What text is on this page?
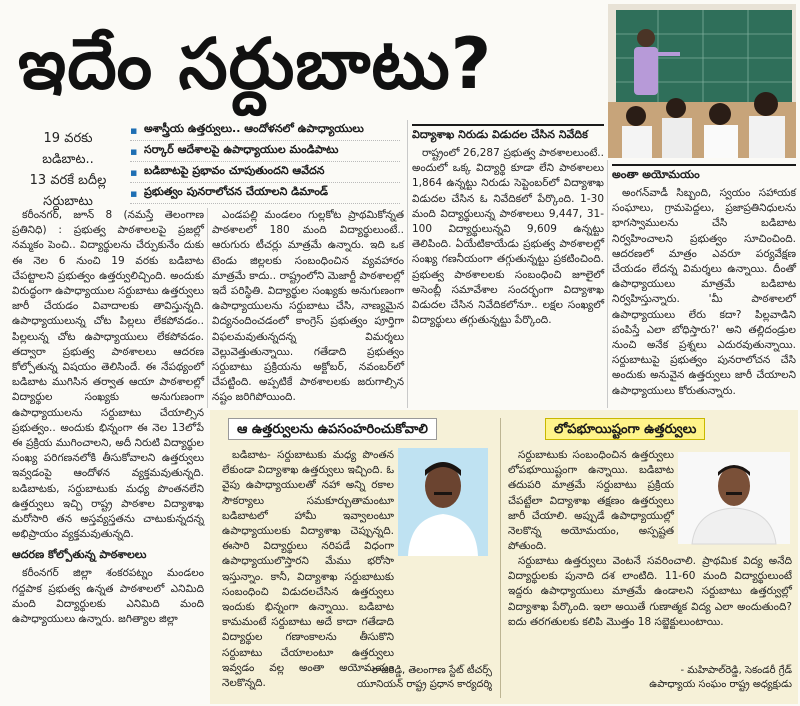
ఇదేం సర్దుబాటు?
19 వరకు
బడిబాట..
13 వరకే బదీల్ల
సర్దుబాటు
▪ అశాస్త్రీయ ఉత్తర్వులు.. ఆందోళనలో ఉపాధ్యాయులు
▪ సర్కార్ ఆదేశాలపై ఉపాధ్యాయుల మండిపాటు
▪ బడిబాటపై ప్రభావం చూపుతుందని ఆవేదన
▪ ప్రభుత్వం పునరాలోచన చేయాలని డిమాండ్

కరీంనగర్, జూన్ 8 (నమస్తే తెలంగాణ ప్రతినిధి) : ప్రభుత్వ పాఠశాలలపై ప్రజల్లో నమ్మకం పెంచి.. విద్యార్థులను చేర్పుకునేం దుకు ఈ నెల 6 నుంచి 19 వరకు బడిబాట చేపట్టాలని ప్రభుత్వం ఉత్తర్వులిచ్చింది. అందుకు విరుద్ధంగా ఉపాధ్యాయుల సర్దుబాటు ఉత్తర్వులు జారీ చేయడం వివాదాలకు తావిస్తున్నది. ఉపాధ్యాయులున్న చోట పిల్లలు లేకపోవడం.. పిల్లలున్న చోట ఉపాధ్యాయులు లేకపోవడం. తద్వారా ప్రభుత్వ పాఠశాలలు ఆదరణ కోల్పోతున్న విషయం తెలిసిందే. ఈ నేపథ్యంలో బడిబాట ముగిసిన తర్వాత ఆయా పాఠశాలల్లో విద్యార్థుల సంఖ్యకు అనుగుణంగా ఉపాధ్యాయులను సర్దుబాటు చేయాల్సిన ప్రభుత్వం.. అందుకు భిన్నంగా ఈ నెల 13లోపే ఈ ప్రక్రియ ముగించాలని, అదీ నిరుటి విద్యార్థుల సంఖ్య పరిగణనలోకి తీసుకోవాలని ఉత్తర్వులు ఇవ్వడంపై ఆందోళన వ్యక్తమవుతున్నది. బడిబాటకు, సర్దుబాటుకు మధ్య పొంతనలేని ఉత్తర్వులు ఇచ్చి రాష్ట్ర పాఠశాల విద్యాశాఖ మరోసారి తన అస్తవ్యస్తతను చాటుకున్నదన్న అభిప్రాయం వ్యక్తమవుతున్నది.

ఆదరణ కోల్పోతున్న పాఠశాలలు

కరీంనగర్ జిల్లా శంకరపట్నం మండలం గద్దపాక ప్రభుత్వ ఉన్నత పాఠశాలలో ఎనిమిది మంది విద్యార్థులకు ఎనిమిది మంది ఉపాధ్యాయులు ఉన్నారు. జగిత్యాల జిల్లా

ఎండపల్లి మండలం గుల్లకోట ప్రాథమికోన్నత పాఠశాలలో 180 మంది విద్యార్థులుంటే.. ఆరుగురు టీచర్లు మాత్రమే ఉన్నారు. ఇది ఒక టెండు జిల్లలకు సంబంధించిన వ్యవహారం మాత్రమే కాదు.. రాష్ట్రంలోని మెజార్టీ పాఠశాలల్లో ఇదే పరిస్థితి. విద్యార్థుల సంఖ్యకు అనుగుణంగా ఉపాధ్యాయులను సర్దుబాటు చేసి, నాణ్యమైన విద్యనందించడంలో కాంగ్రెస్ ప్రభుత్వం పూర్తిగా విఫలమవుతున్నదన్న విమర్శలు వెల్లువెత్తుతున్నాయి. గతేడాది ప్రభుత్వం సర్దుబాటు ప్రక్రియను అక్టోబర్, నవంబర్‌లో చేపట్టింది. అప్పటికే పాఠశాలలకు జరుగాల్సిన నష్టం జరిగిపోయింది.

విద్యాశాఖ నిరుడు విడుదల చేసిన నివేదిక

రాష్ట్రంలో 26,287 ప్రభుత్వ పాఠశాలలుంటే.. అందులో ఒక్క విద్యార్థి కూడా లేని పాఠశాలలు 1,864 ఉన్నట్టు నిరుడు సెప్టెంబర్‌లో విద్యాశాఖ విడుదల చేసిన ఓ నివేదికలో పేర్కొంది. 1-30 మంది విద్యార్థులున్న పాఠశాలలు 9,447, 31-100 విద్యార్థులున్నవి 9,609 ఉన్నట్టు తెలిపింది. ఏయేటికాయేడు ప్రభుత్వ పాఠశాలల్లో సంఖ్య గణనీయంగా తగ్గుతున్నట్టు ప్రకటించింది. ప్రభుత్వ పాఠశాలలకు సంబంధించి జూలైలో అసెంబ్లీ సమావేశాల సందర్భంగా విద్యాశాఖ విడుదల చేసిన నివేదికలోనూ.. లక్షల సంఖ్యలో విద్యార్థులు తగ్గుతున్నట్టు పేర్కొంది.

అంతా అయోమయం

అంగన్‌వాడీ సిబ్బంది, స్వయం సహాయక సంఘాలు, గ్రామపెద్దలు, ప్రజాప్రతినిధులను భాగస్వాములను చేసి బడిబాట నిర్వహించాలని ప్రభుత్వం సూచించింది. ఆదరణలో మాత్రం ఎవరూ పర్యవేక్షణ చేయడం లేదన్న విమర్శలు ఉన్నాయి. దీంతో ఉపాధ్యాయులు మాత్రమే బడిబాట నిర్వహిస్తున్నారు. 'మీ పాఠశాలలో ఉపాధ్యాయులు లేరు కదా? పిల్లవాడిని పంపిస్తే ఎలా బోధిస్తారు?' అని తల్లిదండ్రుల నుంచి అనేక ప్రశ్నలు ఎదురవుతున్నాయి. సర్దుబాటుపై ప్రభుత్వం పునరాలోచన చేసి అందుకు అనువైన ఉత్తర్వులు జారీ చేయాలని ఉపాధ్యాయులు కోరుతున్నారు.

ఆ ఉత్తర్వులను ఉపసంహరించుకోవాలి

బడిబాట- సర్దుబాటుకు మధ్య పొంతన లేకుండా విద్యాశాఖ ఉత్తర్వులు ఇచ్చింది. ఓ వైపు ఉపాధ్యాయులతో నహా అన్ని రకాల సౌకర్యాలు సమకూర్చుతామంటూ బడిబాటలో హామీ ఇవ్వాలంటూ ఉపాధ్యాయులకు విద్యాశాఖ చెప్పున్నది. ఈసారి విద్యార్థులు నరిపడే విధంగా ఉపాధ్యాయులొస్తారని మేము భరోసా ఇస్తున్నాం. కానీ, విద్యాశాఖ సర్దుబాటుకు సంబంధించి విడుదలచేసిన ఉత్తర్వులు ఇందుకు భిన్నంగా ఉన్నాయి. బడిబాట కామమంటే సర్దుబాటు అదే కాదా గతేడాది విద్యార్థుల గణాంకాలను తీసుకొని సర్దుబాటు చేయాలంటూ ఉత్తర్వులు ఇవ్వడం వల్ల అంతా అయోమయం నెలకొన్నది.

- రాజిరెడ్డి, తెలంగాణ స్టేట్ టీచర్స్
యూనియన్ రాష్ట్ర ప్రధాన కార్యదర్శి
లోపభూయిష్టంగా ఉత్తర్వులు

సర్దుబాటుకు సంబంధించిన ఉత్తర్వులు లోపభూయిష్టంగా ఉన్నాయి. బడిబాట తదుపరి మాత్రమే సర్దుబాటు ప్రక్రియ చేపట్టేలా విద్యాశాఖ తక్షణం ఉత్తర్వులు జారీ చేయాలి. అప్పుడే ఉపాధ్యాయుల్లో నెలకొన్న అయోమయం, అస్పష్టత పోతుంది.

సర్దుబాటు ఉత్తర్వులు వెంటనే సవరించాలి. ప్రాథమిక విద్య అనేది విద్యార్థులకు పునాది దశ లాంటిది. 11-60 మంది విద్యార్థులుంటే ఇద్దరు ఉపాధ్యాయులు మాత్రమే ఉండాలని సర్దుబాటు ఉత్తర్వుల్లో విద్యాశాఖ పేర్కొంది. ఇలా అయితే గుణాత్మక విద్య ఎలా అందుతుంది? ఐదు తరగతులకు కలిపి మొత్తం 18 సబ్జెక్టులుంటాయి.

- మహిపాల్‌రెడ్డి, సెకండరీ గ్రేడ్
ఉపాధ్యాయ సంఘం రాష్ట్ర అధ్యక్షుడు
